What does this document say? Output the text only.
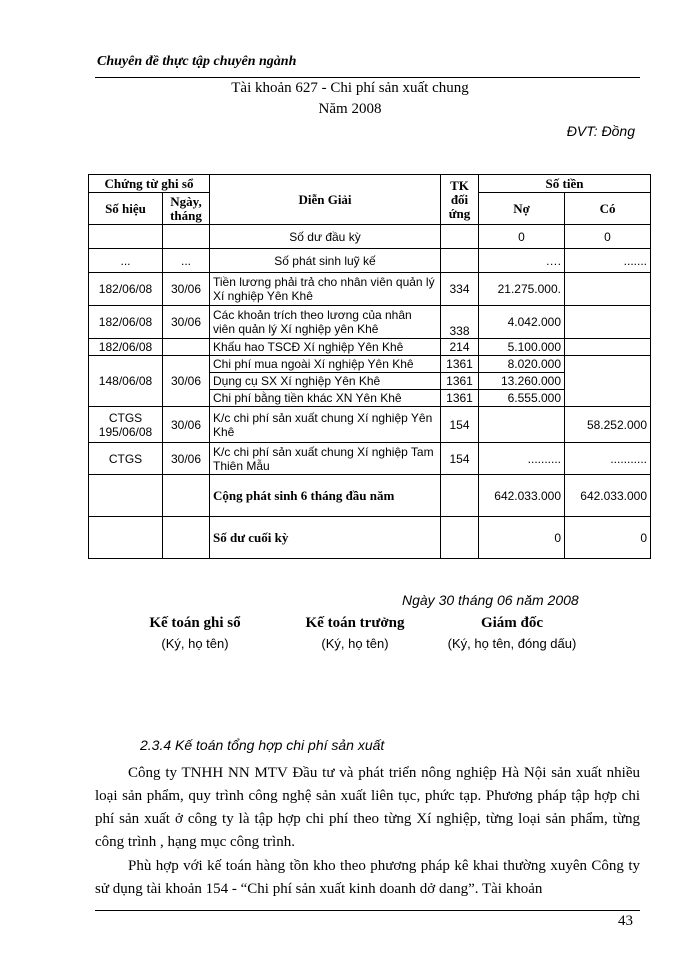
Chuyên đề thực tập chuyên ngành
Tài khoản 627 - Chi phí sản xuất chung
Năm 2008
ĐVT: Đồng
Chứng từ ghi sổ		Diễn Giải	TK đối ứng	Số tiền	
Số hiệu	Ngày, tháng			Nợ	Có
		Số dư đầu kỳ		0	0
...	...	Số phát sinh luỹ kế		….	.......
182/06/08	30/06	Tiền lương phải trả cho nhân viên quản lý Xí nghiệp Yên Khê	334	21.275.000.	
182/06/08	30/06	Các khoản trích theo lương của nhân viên quản lý Xí nghiệp yên Khê	338	4.042.000	
182/06/08		Khấu hao TSCĐ Xí nghiệp Yên Khê	214	5.100.000	
148/06/08	30/06	Chi phí mua ngoài Xí nghiệp Yên Khê	1361	8.020.000	
		Dụng cụ SX Xí nghiệp Yên Khê	1361	13.260.000	
		Chi phí bằng tiền khác XN Yên Khê	1361	6.555.000	
CTGS 195/06/08	30/06	K/c chi phí sản xuất chung Xí nghiệp Yên Khê	154		58.252.000
CTGS	30/06	K/c chi phí sản xuất chung Xí nghiệp Tam Thiên Mẫu	154	..........	...........
		Cộng phát sinh 6 tháng đầu năm		642.033.000	642.033.000
		Số dư cuối kỳ		0	0
Ngày 30 tháng 06 năm 2008
Kế toán ghi sổ
(Ký, họ tên)
Kế toán trưởng
(Ký, họ tên)
Giám đốc
(Ký, họ tên, đóng dấu)
2.3.4 Kế toán tổng hợp chi phí sản xuất

Công ty TNHH NN MTV Đầu tư và phát triển nông nghiệp Hà Nội sản xuất nhiều loại sản phẩm, quy trình công nghệ sản xuất liên tục, phức tạp. Phương pháp tập hợp chi phí sản xuất ở công ty là tập hợp chi phí theo từng Xí nghiệp, từng loại sản phẩm, từng công trình , hạng mục công trình.

Phù hợp với kế toán hàng tồn kho theo phương pháp kê khai thường xuyên Công ty sử dụng tài khoản 154 - “Chi phí sản xuất kinh doanh dở dang”. Tài khoản

43
